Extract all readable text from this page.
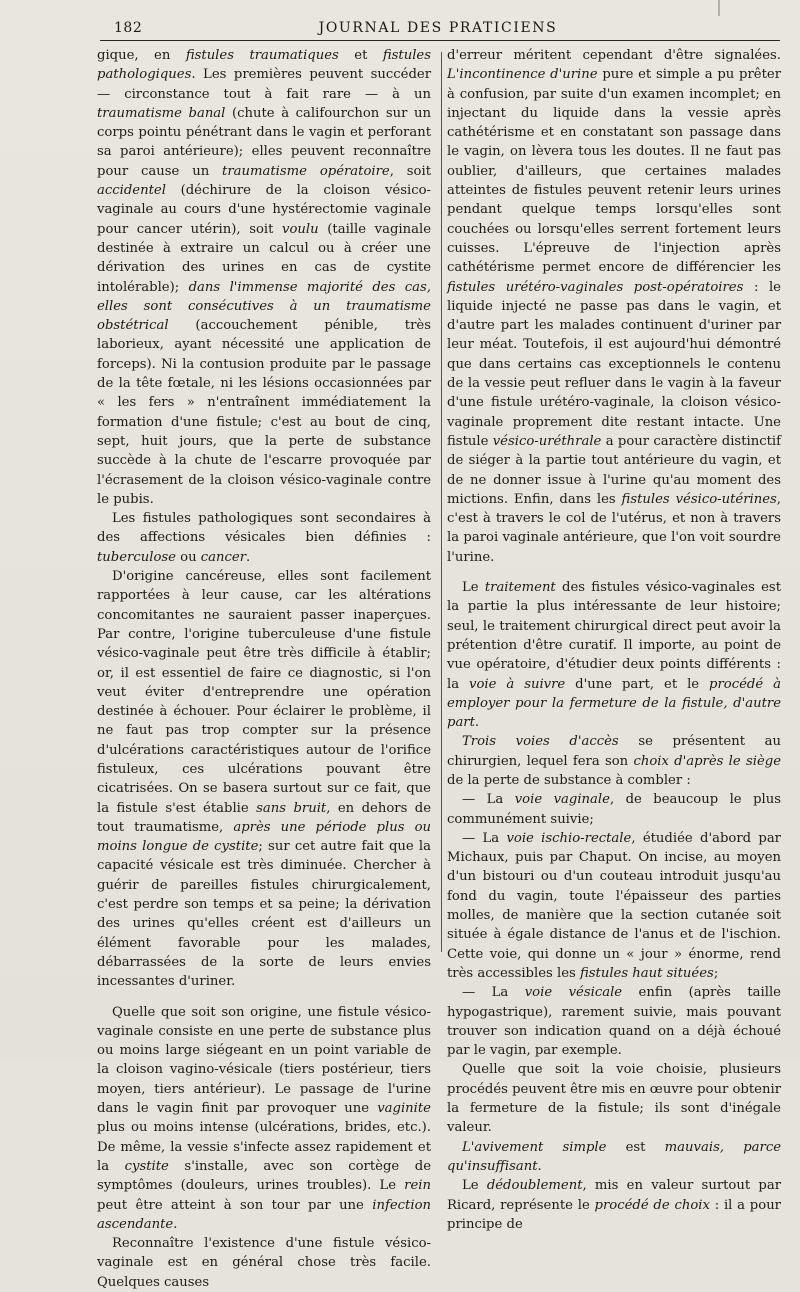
182	JOURNAL DES PRATICIENS

gique, en fistules traumatiques et fistules pathologiques. Les premières peuvent succéder — circonstance tout à fait rare — à un traumatisme banal (chute à califourchon sur un corps pointu pénétrant dans le vagin et perforant sa paroi antérieure); elles peuvent reconnaître pour cause un traumatisme opératoire, soit accidentel (déchirure de la cloison vésico-vaginale au cours d'une hystérectomie vaginale pour cancer utérin), soit voulu (taille vaginale destinée à extraire un calcul ou à créer une dérivation des urines en cas de cystite intolérable); dans l'immense majorité des cas, elles sont consécutives à un traumatisme obstétrical (accouchement pénible, très laborieux, ayant nécessité une application de forceps). Ni la contusion produite par le passage de la tête fœtale, ni les lésions occasionnées par « les fers » n'entraînent immédiatement la formation d'une fistule; c'est au bout de cinq, sept, huit jours, que la perte de substance succède à la chute de l'escarre provoquée par l'écrasement de la cloison vésico-vaginale contre le pubis.

Les fistules pathologiques sont secondaires à des affections vésicales bien définies : tuberculose ou cancer.

D'origine cancéreuse, elles sont facilement rapportées à leur cause, car les altérations concomitantes ne sauraient passer inaperçues. Par contre, l'origine tuberculeuse d'une fistule vésico-vaginale peut être très difficile à établir; or, il est essentiel de faire ce diagnostic, si l'on veut éviter d'entreprendre une opération destinée à échouer. Pour éclairer le problème, il ne faut pas trop compter sur la présence d'ulcérations caractéristiques autour de l'orifice fistuleux, ces ulcérations pouvant être cicatrisées. On se basera surtout sur ce fait, que la fistule s'est établie sans bruit, en dehors de tout traumatisme, après une période plus ou moins longue de cystite; sur cet autre fait que la capacité vésicale est très diminuée. Chercher à guérir de pareilles fistules chirurgicalement, c'est perdre son temps et sa peine; la dérivation des urines qu'elles créent est d'ailleurs un élément favorable pour les malades, débarrassées de la sorte de leurs envies incessantes d'uriner.

Quelle que soit son origine, une fistule vésico-vaginale consiste en une perte de substance plus ou moins large siégeant en un point variable de la cloison vagino-vésicale (tiers postérieur, tiers moyen, tiers antérieur). Le passage de l'urine dans le vagin finit par provoquer une vaginite plus ou moins intense (ulcérations, brides, etc.). De même, la vessie s'infecte assez rapidement et la cystite s'installe, avec son cortège de symptômes (douleurs, urines troubles). Le rein peut être atteint à son tour par une infection ascendante.

Reconnaître l'existence d'une fistule vésico-vaginale est en général chose très facile. Quelques causes

d'erreur méritent cependant d'être signalées. L'incontinence d'urine pure et simple a pu prêter à confusion, par suite d'un examen incomplet; en injectant du liquide dans la vessie après cathétérisme et en constatant son passage dans le vagin, on lèvera tous les doutes. Il ne faut pas oublier, d'ailleurs, que certaines malades atteintes de fistules peuvent retenir leurs urines pendant quelque temps lorsqu'elles sont couchées ou lorsqu'elles serrent fortement leurs cuisses. L'épreuve de l'injection après cathétérisme permet encore de différencier les fistules urétéro-vaginales post-opératoires : le liquide injecté ne passe pas dans le vagin, et d'autre part les malades continuent d'uriner par leur méat. Toutefois, il est aujourd'hui démontré que dans certains cas exceptionnels le contenu de la vessie peut refluer dans le vagin à la faveur d'une fistule urétéro-vaginale, la cloison vésico-vaginale proprement dite restant intacte. Une fistule vésico-uréthrale a pour caractère distinctif de siéger à la partie tout antérieure du vagin, et de ne donner issue à l'urine qu'au moment des mictions. Enfin, dans les fistules vésico-utérines, c'est à travers le col de l'utérus, et non à travers la paroi vaginale antérieure, que l'on voit sourdre l'urine.

Le traitement des fistules vésico-vaginales est la partie la plus intéressante de leur histoire; seul, le traitement chirurgical direct peut avoir la prétention d'être curatif. Il importe, au point de vue opératoire, d'étudier deux points différents : la voie à suivre d'une part, et le procédé à employer pour la fermeture de la fistule, d'autre part.

Trois voies d'accès se présentent au chirurgien, lequel fera son choix d'après le siège de la perte de substance à combler :

— La voie vaginale, de beaucoup le plus communément suivie;

— La voie ischio-rectale, étudiée d'abord par Michaux, puis par Chaput. On incise, au moyen d'un bistouri ou d'un couteau introduit jusqu'au fond du vagin, toute l'épaisseur des parties molles, de manière que la section cutanée soit située à égale distance de l'anus et de l'ischion. Cette voie, qui donne un « jour » énorme, rend très accessibles les fistules haut situées;

— La voie vésicale enfin (après taille hypogastrique), rarement suivie, mais pouvant trouver son indication quand on a déjà échoué par le vagin, par exemple.

Quelle que soit la voie choisie, plusieurs procédés peuvent être mis en œuvre pour obtenir la fermeture de la fistule; ils sont d'inégale valeur.

L'avivement simple est mauvais, parce qu'insuffisant.

Le dédoublement, mis en valeur surtout par Ricard, représente le procédé de choix : il a pour principe de
